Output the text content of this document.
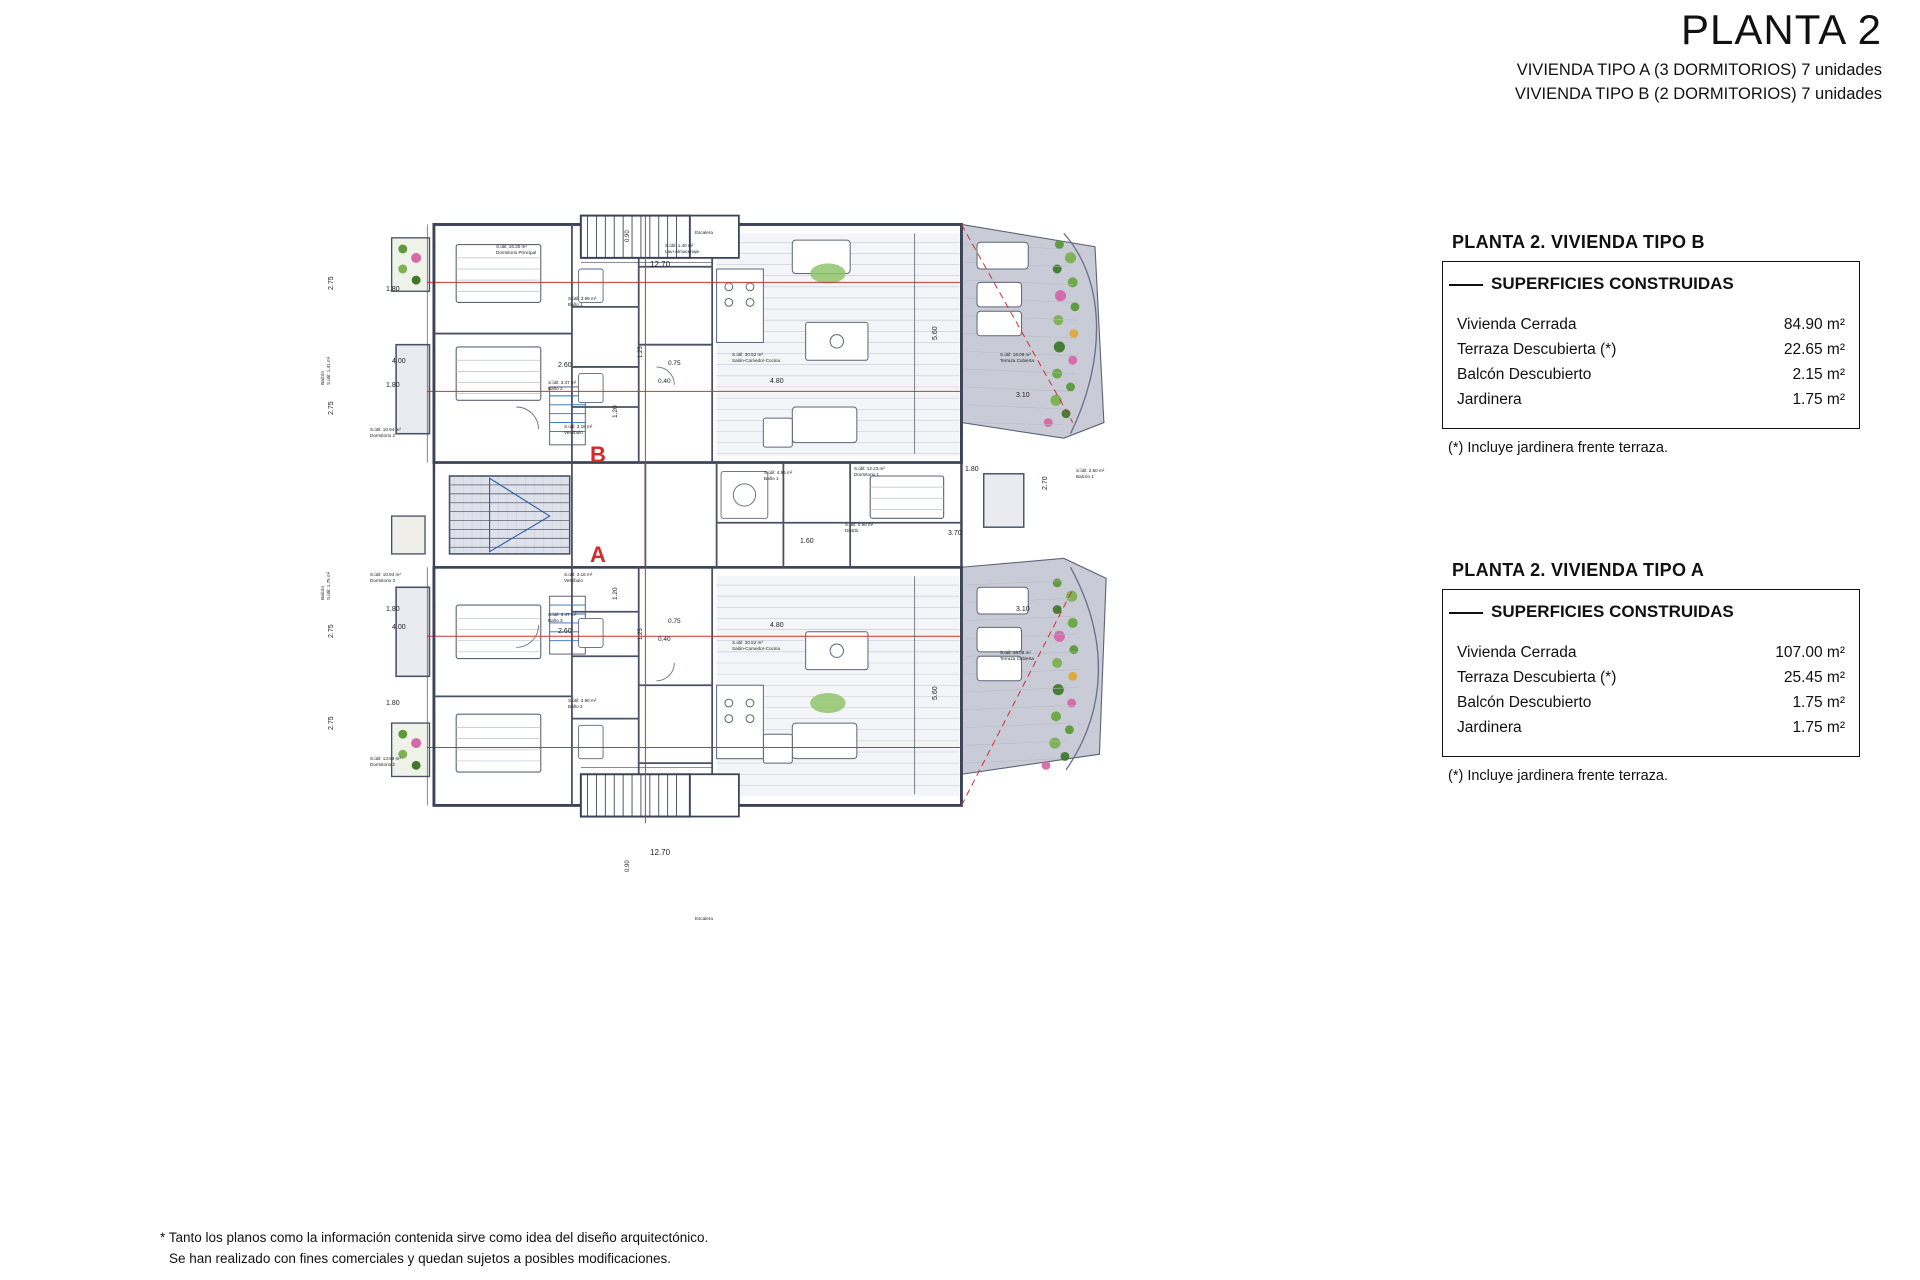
PLANTA 2
VIVIENDA TIPO A (3 DORMITORIOS) 7 unidades
VIVIENDA TIPO B (2 DORMITORIOS) 7 unidades
PLANTA 2. VIVIENDA TIPO B
SUPERFICIES CONSTRUIDAS
Vivienda Cerrada	84.90 m²
Terraza Descubierta (*)	22.65 m²
Balcón Descubierto	2.15 m²
Jardinera	1.75 m²
(*) Incluye jardinera frente terraza.
PLANTA 2. VIVIENDA TIPO A
SUPERFICIES CONSTRUIDAS
Vivienda Cerrada	107.00 m²
Terraza Descubierta (*)	25.45 m²
Balcón Descubierto	1.75 m²
Jardinera	1.75 m²
(*) Incluye jardinera frente terraza.
* Tanto los planos como la información contenida sirve como idea del diseño arquitectónico.
Se han realizado con fines comerciales y quedan sujetos a posibles modificaciones.
B
A
S.útil: 16.30 m²
Dormitorio Principal
S.útil: 1.40 m²
Lav+Almacenaje
S.útil: 3.90 m²
Baño 1
S.útil: 3.47 m²
Baño 2
S.útil: 10.94 m²
Dormitorio 2
S.útil: 3.18 m²
Vestíbulo
S.útil: 30.52 m²
Salón-Comedor-Cocina
S.útil: 18.08 m²
Terraza Cubierta
Balcón S.útil: 1.41 m²
S.útil: 4.86 m²
Baño 1
S.útil: 12.23 m²
Dormitorio 1
S.útil: 0.90 m²
Distrib.
S.útil: 2.50 m²
Balcón 1
S.útil: 10.94 m²
Dormitorio 3
S.útil: 3.18 m²
Vestíbulo
S.útil: 3.47 m²
Baño 3
S.útil: 3.90 m²
Baño 2
S.útil: 13.69 m²
Dormitorio 2
S.útil: 30.52 m²
Salón-Comedor-Cocina
S.útil: 18.08 m²
Terraza Cubierta
Balcón S.útil: 1.75 m²
Escalera
Escalera
2.75	1.80
4.00
1.80
2.75
2.60
1.25
0.40
0.75
1.20
12.70
4.80
5.60
3.10
0.90
1.80
2.70
1.60
3.70
2.75
1.80
4.00
2.60	1.25 0.40
0.75
1.20
4.80
5.60
3.10
1.80
2.75
12.70
0.90
